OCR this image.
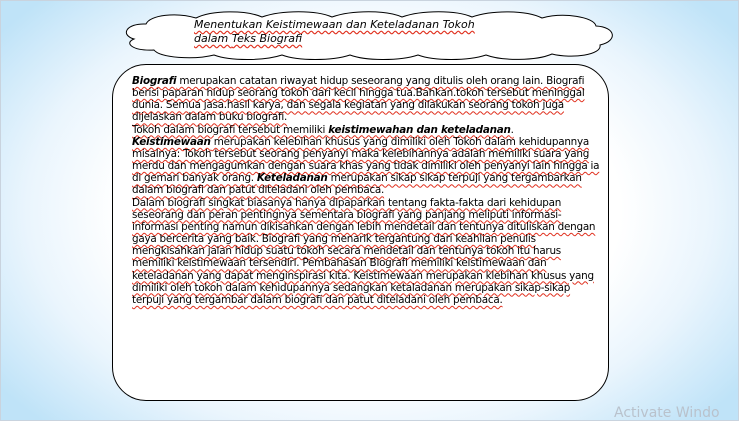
Menentukan Keistimewaan dan Keteladanan Tokoh
dalam Teks Biografi

Biografi merupakan catatan riwayat hidup seseorang yang ditulis oleh orang lain. Biografi berisi paparan hidup seorang tokoh dari kecil hingga tua.Bahkan.tokoh tersebut meninggal dunia. Semua jasa.hasil karya, dan segala kegiatan yang dilakukan seorang tokoh juga dijelaskan dalam buku biografi.

Tokoh dalam biografi tersebut memiliki keistimewahan dan keteladanan.

Keistimewaan merupakan kelebihan khusus yang dimiliki oleh Tokoh dalam kehidupannya misalnya: Tokoh tersebut seorang penyanyi maka kelebihannya adalah memiliki suara yang merdu dan mengagumkan dengan suara khas yang tidak dimiliki oleh penyanyi lain hingga ia di gemari banyak orang. Keteladanan merupakan sikap sikap terpuji yang tergambarkan dalam biografi dan patut diteladani oleh pembaca.

Dalam biografi singkat biasanya hanya dipaparkan tentang fakta-fakta dari kehidupan seseorang dan peran pentingnya sementara biografi yang panjang meliputi informasi-informasi penting namun dikisahkan dengan lebih mendetail dan tentunya dituliskan dengan gaya bercerita yang baik. Biografi yang menarik tergantung dari keahlian penulis mengkisahkan jalan hidup suatu tokoh secara mendetail dan tentunya tokoh itu harus memiliki keistimewaan tersendiri. Pembahasan Biografi memiliki keistimewaan dan keteladanan yang dapat menginspirasi kita. Keistimewaan merupakan klebihan khusus yang dimiliki oleh tokoh dalam kehidupannya sedangkan ketaladanan merupakan sikap-sikap terpuji yang tergambar dalam biografi dan patut diteladani oleh pembaca.

Activate Windo
